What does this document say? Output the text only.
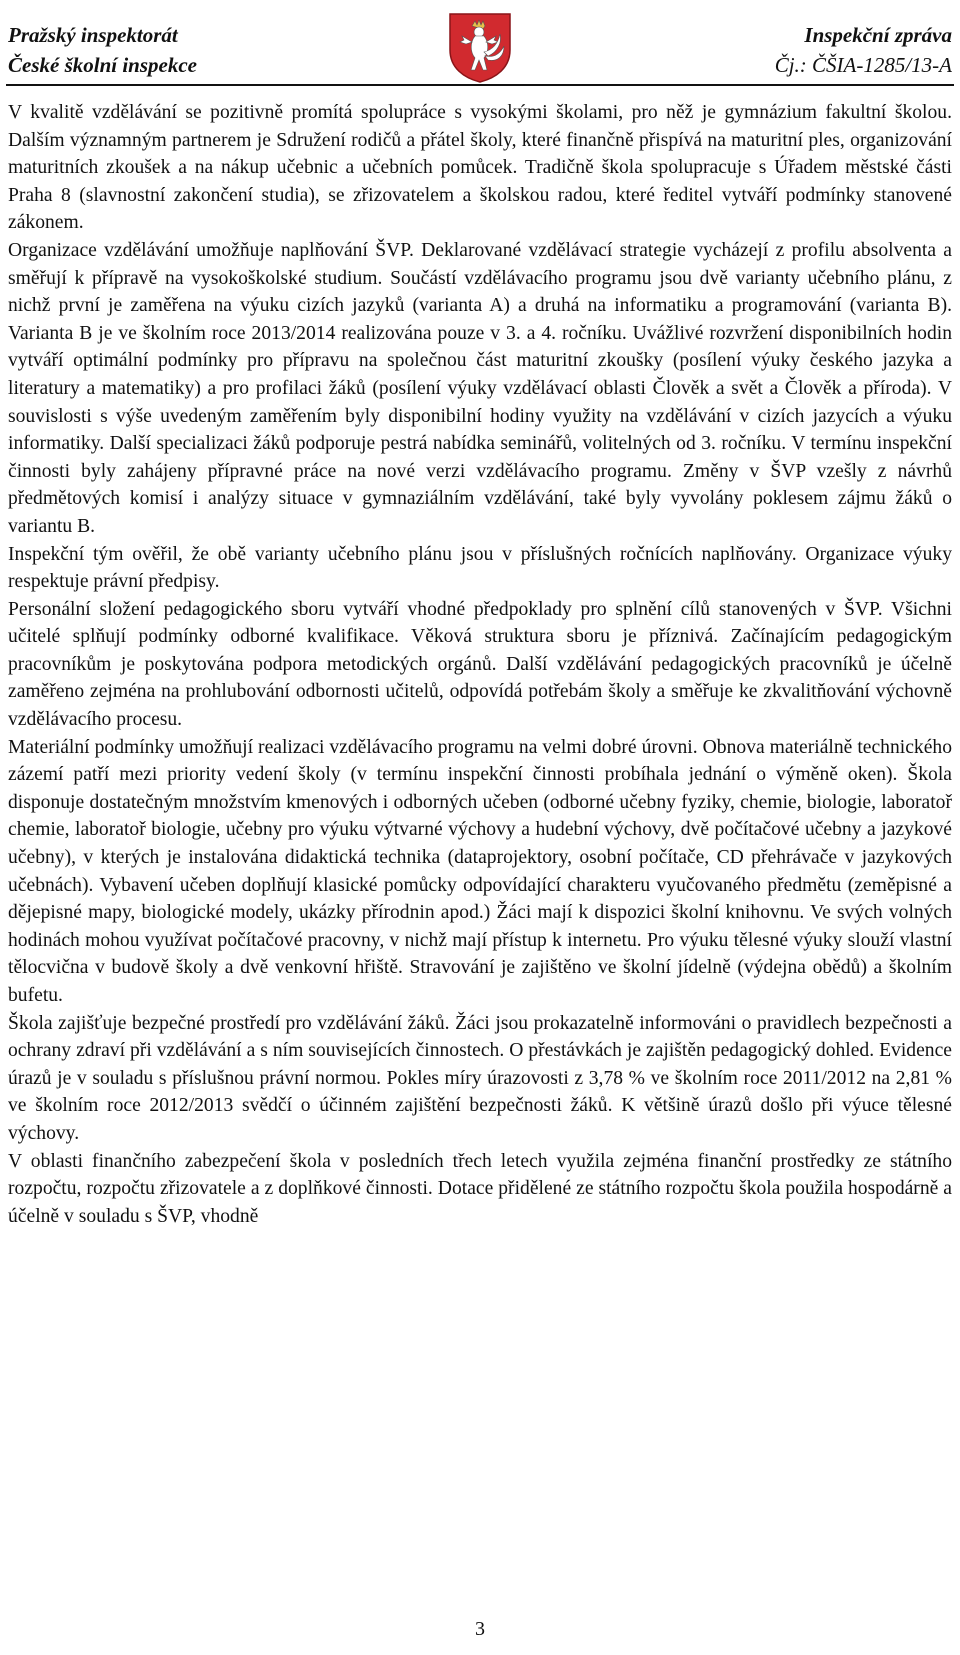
Pražský inspektorát
České školní inspekce
Inspekční zpráva
Čj.: ČŠIA-1285/13-A

V kvalitě vzdělávání se pozitivně promítá spolupráce s vysokými školami, pro něž je gymnázium fakultní školou. Dalším významným partnerem je Sdružení rodičů a přátel školy, které finančně přispívá na maturitní ples, organizování maturitních zkoušek a na nákup učebnic a učebních pomůcek. Tradičně škola spolupracuje s Úřadem městské části Praha 8 (slavnostní zakončení studia), se zřizovatelem a školskou radou, které ředitel vytváří podmínky stanovené zákonem.

Organizace vzdělávání umožňuje naplňování ŠVP. Deklarované vzdělávací strategie vycházejí z profilu absolventa a směřují k přípravě na vysokoškolské studium. Součástí vzdělávacího programu jsou dvě varianty učebního plánu, z nichž první je zaměřena na výuku cizích jazyků (varianta A) a druhá na informatiku a programování (varianta B). Varianta B je ve školním roce 2013/2014 realizována pouze v 3. a 4. ročníku. Uvážlivé rozvržení disponibilních hodin vytváří optimální podmínky pro přípravu na společnou část maturitní zkoušky (posílení výuky českého jazyka a literatury a matematiky) a pro profilaci žáků (posílení výuky vzdělávací oblasti Člověk a svět a Člověk a příroda). V souvislosti s výše uvedeným zaměřením byly disponibilní hodiny využity na vzdělávání v cizích jazycích a výuku informatiky. Další specializaci žáků podporuje pestrá nabídka seminářů, volitelných od 3. ročníku. V termínu inspekční činnosti byly zahájeny přípravné práce na nové verzi vzdělávacího programu. Změny v ŠVP vzešly z návrhů předmětových komisí i analýzy situace v gymnaziálním vzdělávání, také byly vyvolány poklesem zájmu žáků o variantu B.

Inspekční tým ověřil, že obě varianty učebního plánu jsou v příslušných ročnících naplňovány. Organizace výuky respektuje právní předpisy.

Personální složení pedagogického sboru vytváří vhodné předpoklady pro splnění cílů stanovených v ŠVP. Všichni učitelé splňují podmínky odborné kvalifikace. Věková struktura sboru je příznivá. Začínajícím pedagogickým pracovníkům je poskytována podpora metodických orgánů. Další vzdělávání pedagogických pracovníků je účelně zaměřeno zejména na prohlubování odbornosti učitelů, odpovídá potřebám školy a směřuje ke zkvalitňování výchovně vzdělávacího procesu.

Materiální podmínky umožňují realizaci vzdělávacího programu na velmi dobré úrovni. Obnova materiálně technického zázemí patří mezi priority vedení školy (v termínu inspekční činnosti probíhala jednání o výměně oken). Škola disponuje dostatečným množstvím kmenových i odborných učeben (odborné učebny fyziky, chemie, biologie, laboratoř chemie, laboratoř biologie, učebny pro výuku výtvarné výchovy a hudební výchovy, dvě počítačové učebny a jazykové učebny), v kterých je instalována didaktická technika (dataprojektory, osobní počítače, CD přehrávače v jazykových učebnách). Vybavení učeben doplňují klasické pomůcky odpovídající charakteru vyučovaného předmětu (zeměpisné a dějepisné mapy, biologické modely, ukázky přírodnin apod.) Žáci mají k dispozici školní knihovnu. Ve svých volných hodinách mohou využívat počítačové pracovny, v nichž mají přístup k internetu. Pro výuku tělesné výuky slouží vlastní tělocvična v budově školy a dvě venkovní hřiště. Stravování je zajištěno ve školní jídelně (výdejna obědů) a školním bufetu.

Škola zajišťuje bezpečné prostředí pro vzdělávání žáků. Žáci jsou prokazatelně informováni o pravidlech bezpečnosti a ochrany zdraví při vzdělávání a s ním souvisejících činnostech. O přestávkách je zajištěn pedagogický dohled. Evidence úrazů je v souladu s příslušnou právní normou. Pokles míry úrazovosti z 3,78 % ve školním roce 2011/2012 na 2,81 % ve školním roce 2012/2013 svědčí o účinném zajištění bezpečnosti žáků. K většině úrazů došlo při výuce tělesné výchovy.

V oblasti finančního zabezpečení škola v posledních třech letech využila zejména finanční prostředky ze státního rozpočtu, rozpočtu zřizovatele a z doplňkové činnosti. Dotace přidělené ze státního rozpočtu škola použila hospodárně a účelně v souladu s ŠVP, vhodně

3
